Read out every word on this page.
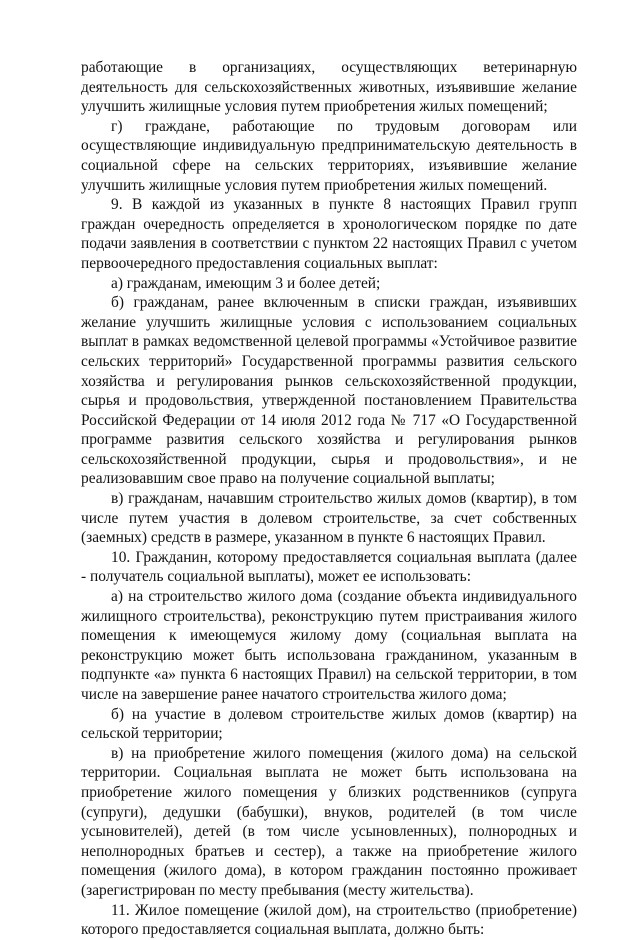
работающие в организациях, осуществляющих ветеринарную деятельность для сельскохозяйственных животных, изъявившие желание улучшить жилищные условия путем приобретения жилых помещений;

г) граждане, работающие по трудовым договорам или осуществляющие индивидуальную предпринимательскую деятельность в социальной сфере на сельских территориях, изъявившие желание улучшить жилищные условия путем приобретения жилых помещений.

9. В каждой из указанных в пункте 8 настоящих Правил групп граждан очередность определяется в хронологическом порядке по дате подачи заявления в соответствии с пунктом 22 настоящих Правил с учетом первоочередного предоставления социальных выплат:

а) гражданам, имеющим 3 и более детей;

б) гражданам, ранее включенным в списки граждан, изъявивших желание улучшить жилищные условия с использованием социальных выплат в рамках ведомственной целевой программы «Устойчивое развитие сельских территорий» Государственной программы развития сельского хозяйства и регулирования рынков сельскохозяйственной продукции, сырья и продовольствия, утвержденной постановлением Правительства Российской Федерации от 14 июля 2012 года № 717 «О Государственной программе развития сельского хозяйства и регулирования рынков сельскохозяйственной продукции, сырья и продовольствия», и не реализовавшим свое право на получение социальной выплаты;

в) гражданам, начавшим строительство жилых домов (квартир), в том числе путем участия в долевом строительстве, за счет собственных (заемных) средств в размере, указанном в пункте 6 настоящих Правил.

10. Гражданин, которому предоставляется социальная выплата (далее - получатель социальной выплаты), может ее использовать:

а) на строительство жилого дома (создание объекта индивидуального жилищного строительства), реконструкцию путем пристраивания жилого помещения к имеющемуся жилому дому (социальная выплата на реконструкцию может быть использована гражданином, указанным в подпункте «а» пункта 6 настоящих Правил) на сельской территории, в том числе на завершение ранее начатого строительства жилого дома;

б) на участие в долевом строительстве жилых домов (квартир) на сельской территории;

в) на приобретение жилого помещения (жилого дома) на сельской территории. Социальная выплата не может быть использована на приобретение жилого помещения у близких родственников (супруга (супруги), дедушки (бабушки), внуков, родителей (в том числе усыновителей), детей (в том числе усыновленных), полнородных и неполнородных братьев и сестер), а также на приобретение жилого помещения (жилого дома), в котором гражданин постоянно проживает (зарегистрирован по месту пребывания (месту жительства).

11. Жилое помещение (жилой дом), на строительство (приобретение) которого предоставляется социальная выплата, должно быть:
